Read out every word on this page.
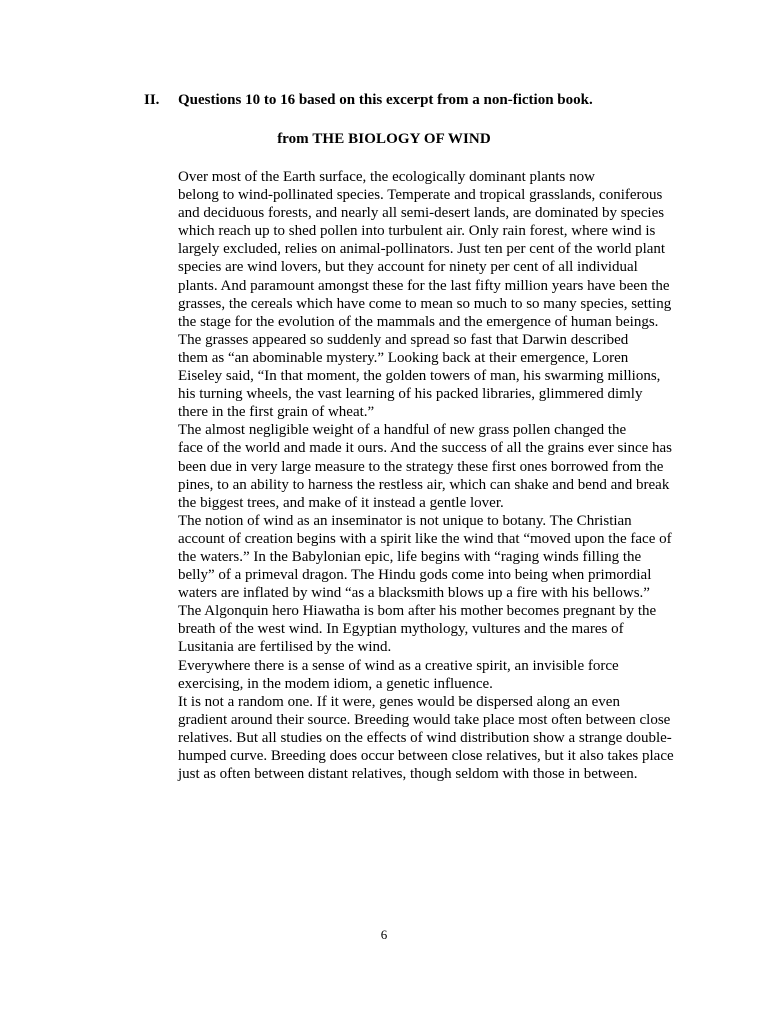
II. Questions 10 to 16 based on this excerpt from a non-fiction book.
from THE BIOLOGY OF WIND

Over most of the Earth surface, the ecologically dominant plants now
belong to wind-pollinated species. Temperate and tropical grasslands, coniferous
and deciduous forests, and nearly all semi-desert lands, are dominated by species
which reach up to shed pollen into turbulent air. Only rain forest, where wind is
largely excluded, relies on animal-pollinators. Just ten per cent of the world plant
species are wind lovers, but they account for ninety per cent of all individual
plants. And paramount amongst these for the last fifty million years have been the
grasses, the cereals which have come to mean so much to so many species, setting
the stage for the evolution of the mammals and the emergence of human beings.

The grasses appeared so suddenly and spread so fast that Darwin described
them as “an abominable mystery.” Looking back at their emergence, Loren
Eiseley said, “In that moment, the golden towers of man, his swarming millions,
his turning wheels, the vast learning of his packed libraries, glimmered dimly
there in the first grain of wheat.”

The almost negligible weight of a handful of new grass pollen changed the
face of the world and made it ours. And the success of all the grains ever since has
been due in very large measure to the strategy these first ones borrowed from the
pines, to an ability to harness the restless air, which can shake and bend and break
the biggest trees, and make of it instead a gentle lover.

The notion of wind as an inseminator is not unique to botany. The Christian
account of creation begins with a spirit like the wind that “moved upon the face of
the waters.” In the Babylonian epic, life begins with “raging winds filling the
belly” of a primeval dragon. The Hindu gods come into being when primordial
waters are inflated by wind “as a blacksmith blows up a fire with his bellows.”
The Algonquin hero Hiawatha is bom after his mother becomes pregnant by the
breath of the west wind. In Egyptian mythology, vultures and the mares of
Lusitania are fertilised by the wind.

Everywhere there is a sense of wind as a creative spirit, an invisible force
exercising, in the modem idiom, a genetic influence.

It is not a random one. If it were, genes would be dispersed along an even
gradient around their source. Breeding would take place most often between close
relatives. But all studies on the effects of wind distribution show a strange double-
humped curve. Breeding does occur between close relatives, but it also takes place
just as often between distant relatives, though seldom with those in between.

6
